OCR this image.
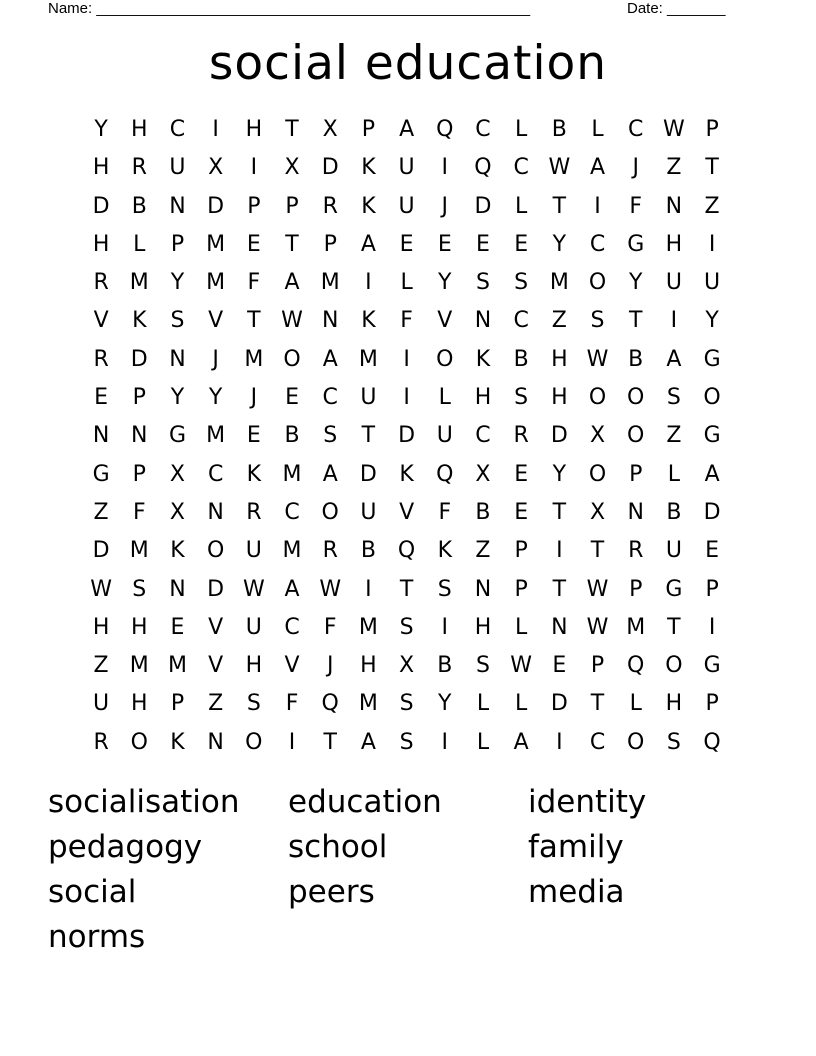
Name: ____________________________________________________	Date: _______
social education
Y	H	C	I	H	T	X	P	A Q C	L	B	L	C W P
H	R	U	X	I	X	D	K	U	I	Q C W A	J	Z	T
D	B	N D	P	P	R	K	U	J	D	L	T	I	F	N	Z
H	L	P	M E	T	P	A	E	E	E	E	Y	C G H	I
R M Y M	F	A M	I	L	Y	S	S M O	Y	U	U
V	K	S	V	T W N	K	F	V	N	C	Z	S	T	I	Y
R	D N	J	M O	A M	I	O	K	B	H W B	A	G
E	P	Y	Y	J	E	C	U	I	L	H	S	H O O	S	O
N N G M E	B	S	T	D U	C	R	D	X O Z	G
G	P	X	C	K M A	D	K	Q X	E	Y	O	P	L	A
Z	F	X	N	R	C O U	V	F	B	E	T	X	N	B	D
D M K	O U M R	B Q	K	Z	P	I	T	R	U	E
W S	N D W A W	I	T	S	N	P	T W P	G	P
H H	E	V	U	C	F	M S	I	H	L	N W M T	I
Z M M V	H	V	J	H	X	B	S W E	P	Q O G
U H	P	Z	S	F	Q M S	Y	L	L	D	T	L	H	P
R O	K	N O	I	T	A	S	I	L	A	I	C O	S	Q
socialisation	education	identity
pedagogy	school	family
social	peers	media
norms
